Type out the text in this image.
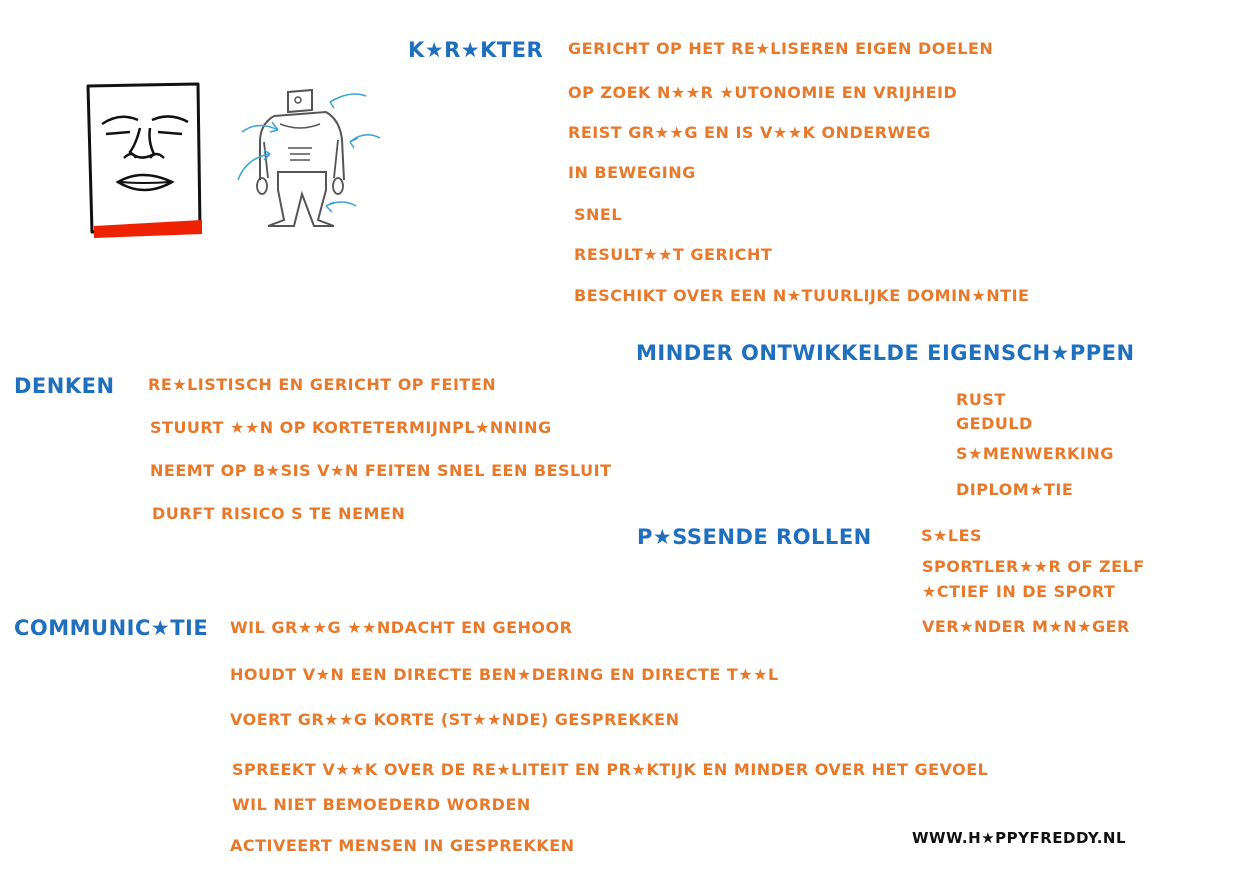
K★R★KTER GERICHT OP HET RE★LISEREN EIGEN DOELEN
OP ZOEK N★★R ★UTONOMIE EN VRIJHEID
REIST GR★★G EN IS V★★K ONDERWEG
IN BEWEGING
SNEL
RESULT★★T GERICHT
BESCHIKT OVER EEN N★TUURLIJKE DOMIN★NTIE
MINDER ONTWIKKELDE EIGENSCH★PPEN
RUST
GEDULD
S★MENWERKING
DIPLOM★TIE
DENKEN RE★LISTISCH EN GERICHT OP FEITEN
STUURT ★★N OP KORTETERMIJNPL★NNING
NEEMT OP B★SIS V★N FEITEN SNEL EEN BESLUIT
DURFT RISICO S TE NEMEN
P★SSENDE ROLLEN	S★LES
SPORTLER★★R OF ZELF
★CTIEF IN DE SPORT
VER★NDER M★N★GER
COMMUNIC★TIE WIL GR★★G ★★NDACHT EN GEHOOR
HOUDT V★N EEN DIRECTE BEN★DERING EN DIRECTE T★★L
VOERT GR★★G KORTE (ST★★NDE) GESPREKKEN
SPREEKT V★★K OVER DE RE★LITEIT EN PR★KTIJK EN MINDER OVER HET GEVOEL
WIL NIET BEMOEDERD WORDEN
ACTIVEERT MENSEN IN GESPREKKEN	WWW.H★PPYFREDDY.NL
